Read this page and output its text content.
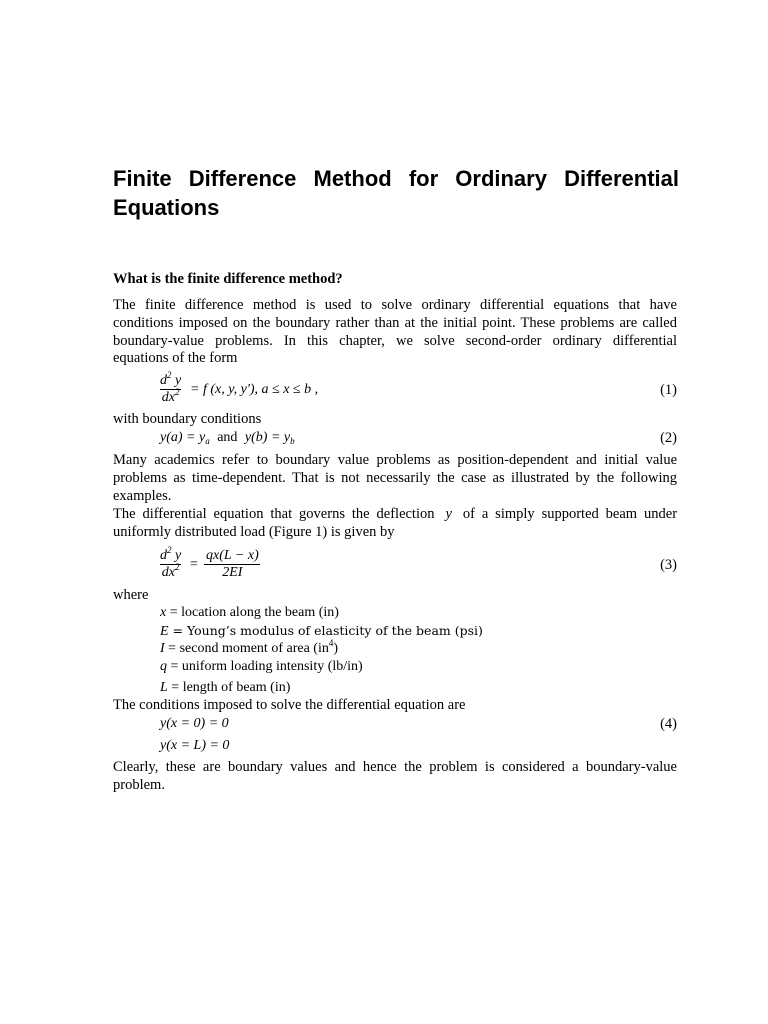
Finite Difference Method for Ordinary Differential
Equations
What is the finite difference method?

The finite difference method is used to solve ordinary differential equations that have
conditions imposed on the boundary rather than at the initial point. These problems are called
boundary-value problems. In this chapter, we solve second-order ordinary differential
equations of the form

$\frac{d^2 y}{dx^2} = f$ (x, y, y'), a ≤ x ≤ b ,	(1)

with boundary conditions

$y(a) = y_a$ and $y(b) = y_b$	(2)

Many academics refer to boundary value problems as position-dependent and initial value
problems as time-dependent. That is not necessarily the case as illustrated by the following
examples.

The differential equation that governs the deflection y of a simply supported beam under
uniformly distributed load (Figure 1) is given by

$\frac{d^2 y}{dx^2} = \frac{qx(L - x)}{2EI}$	(3)

where

x = location along the beam (in)
E = Young’s modulus of elasticity of the beam (psi)
I = second moment of area $(in^4)$
q = uniform loading intensity (lb/in)
L = length of beam (in)

The conditions imposed to solve the differential equation are

y(x = 0) = 0	(4)
y(x = L) = 0

Clearly, these are boundary values and hence the problem is considered a boundary-value
problem.
